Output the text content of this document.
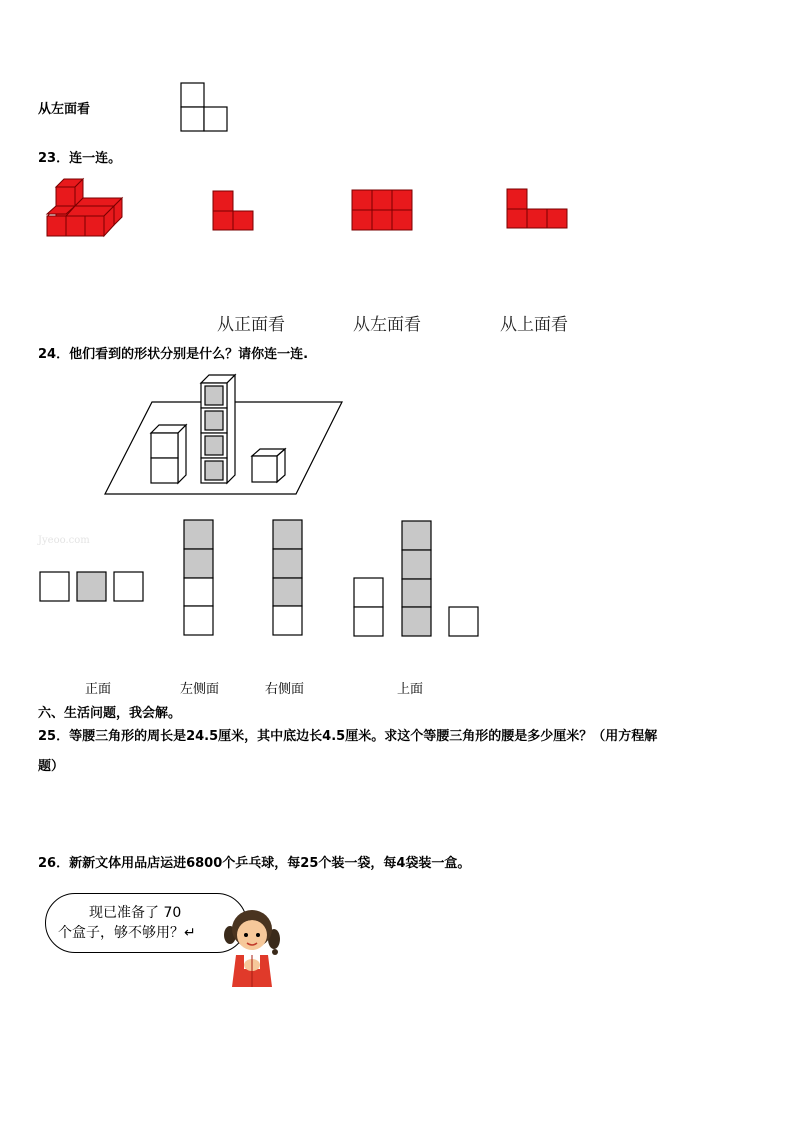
从左面看
23．连一连。
从正面看	从左面看	从上面看
24．他们看到的形状分别是什么？请你连一连.
Jyeoo.com
正面	左侧面	右侧面	上面
六、生活问题，我会解。
25．等腰三角形的周长是24.5厘米，其中底边长4.5厘米。求这个等腰三角形的腰是多少厘米？（用方程解
题）
26．新新文体用品店运进6800个乒乓球，每25个装一袋，每4袋装一盒。
现已准备了 70
个盒子，够不够用？↵
